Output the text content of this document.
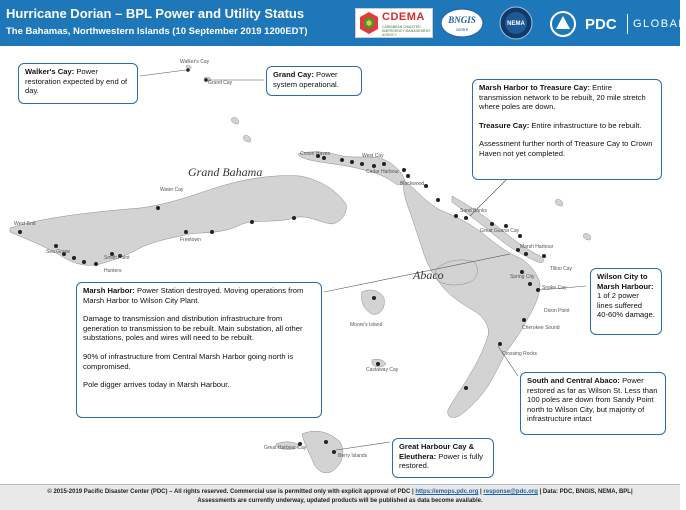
Hurricane Dorian – BPL Power and Utility Status
The Bahamas, Northwestern Islands (10 September 2019 1200EDT)
CDEMA
CARIBBEAN DISASTER EMERGENCY MANAGEMENT AGENCY
BNGIS
centre
NEMA	PDC GLOBAL
Grand Bahama
Abaco
Walker's Cay
Grand Cay
Crown Haven	West Cay
Cedar Harbour
Blackwood
Sand Banks
Great Guana Cay
Marsh Harbour
Tilloo Cay
Spring City
Snake Cay
Dixon Point
Cherokee Sound
Crossing Rocks
Castaway Cay
Moore's Island
Water Cay
Freetown
West End
Sea Grape
Smith Point
Hunters
Great Harbour Cay
Berry Islands

Walker's Cay: Power restoration expected by end of day.

Grand Cay: Power system operational.	Marsh Harbor to Treasure Cay: Entire transmission network to be rebuilt, 20 mile stretch where poles are down.

Treasure Cay: Entire infrastructure to be rebuilt.

Assessment further north of Treasure Cay to Crown Haven not yet completed.

Wilson City to Marsh Harbour: 1 of 2 power lines suffered 40-60% damage.

Marsh Harbor: Power Station destroyed. Moving operations from Marsh Harbor to Wilson City Plant.

Damage to transmission and distribution infrastructure from generation to transmission to be rebuilt. Main substation, all other substations, poles and wires will need to be rebuilt.

90% of infrastructure from Central Marsh Harbor going north is compromised.

Pole digger arrives today in Marsh Harbour.	South and Central Abaco: Power restored as far as Wilson St. Less than 100 poles are down from Sandy Point north to Wilson City, but majority of infrastructure intact

Great Harbour Cay & Eleuthera: Power is fully restored.

© 2015-2019 Pacific Disaster Center (PDC) – All rights reserved. Commercial use is permitted only with explicit approval of PDC | https://emops.pdc.org | response@pdc.org | Data: PDC, BNGIS, NEMA, BPL|
Assessments are currently underway, updated products will be published as data become available.
